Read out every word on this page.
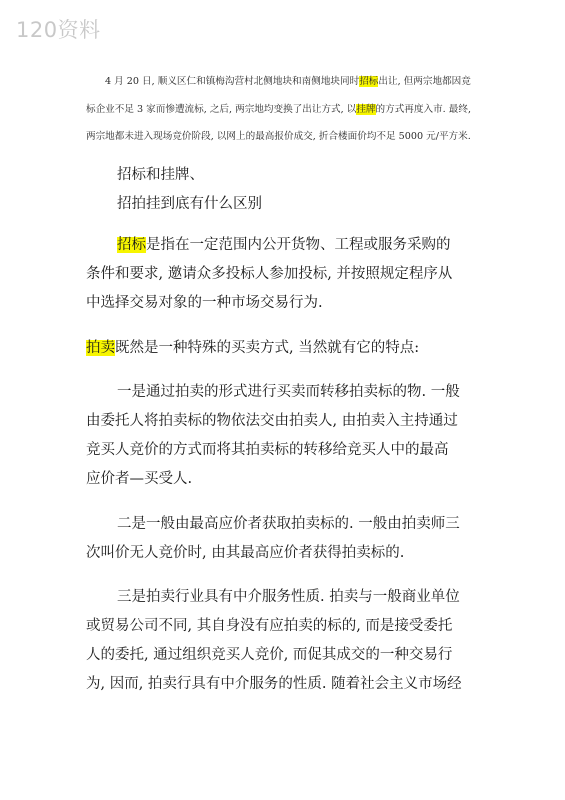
120资料
4 月 20 日, 顺义区仁和镇梅沟营村北侧地块和南侧地块同时招标出让, 但两宗地都因竞
标企业不足 3 家而惨遭流标, 之后, 两宗地均变换了出让方式, 以挂牌的方式再度入市. 最终,
两宗地都未进入现场竞价阶段, 以网上的最高报价成交, 折合楼面价均不足 5000 元/平方米.
招标和挂牌、
招拍挂到底有什么区别
招标是指在一定范围内公开货物、工程或服务采购的
条件和要求, 邀请众多投标人参加投标, 并按照规定程序从
中选择交易对象的一种市场交易行为.
拍卖既然是一种特殊的买卖方式, 当然就有它的特点:
一是通过拍卖的形式进行买卖而转移拍卖标的物. 一般
由委托人将拍卖标的物依法交由拍卖人, 由拍卖入主持通过
竞买人竞价的方式而将其拍卖标的转移给竞买人中的最高
应价者—买受人.
二是一般由最高应价者获取拍卖标的. 一般由拍卖师三
次叫价无人竞价时, 由其最高应价者获得拍卖标的.
三是拍卖行业具有中介服务性质. 拍卖与一般商业单位
或贸易公司不同, 其自身没有应拍卖的标的, 而是接受委托
人的委托, 通过组织竞买人竞价, 而促其成交的一种交易行
为, 因而, 拍卖行具有中介服务的性质. 随着社会主义市场经
